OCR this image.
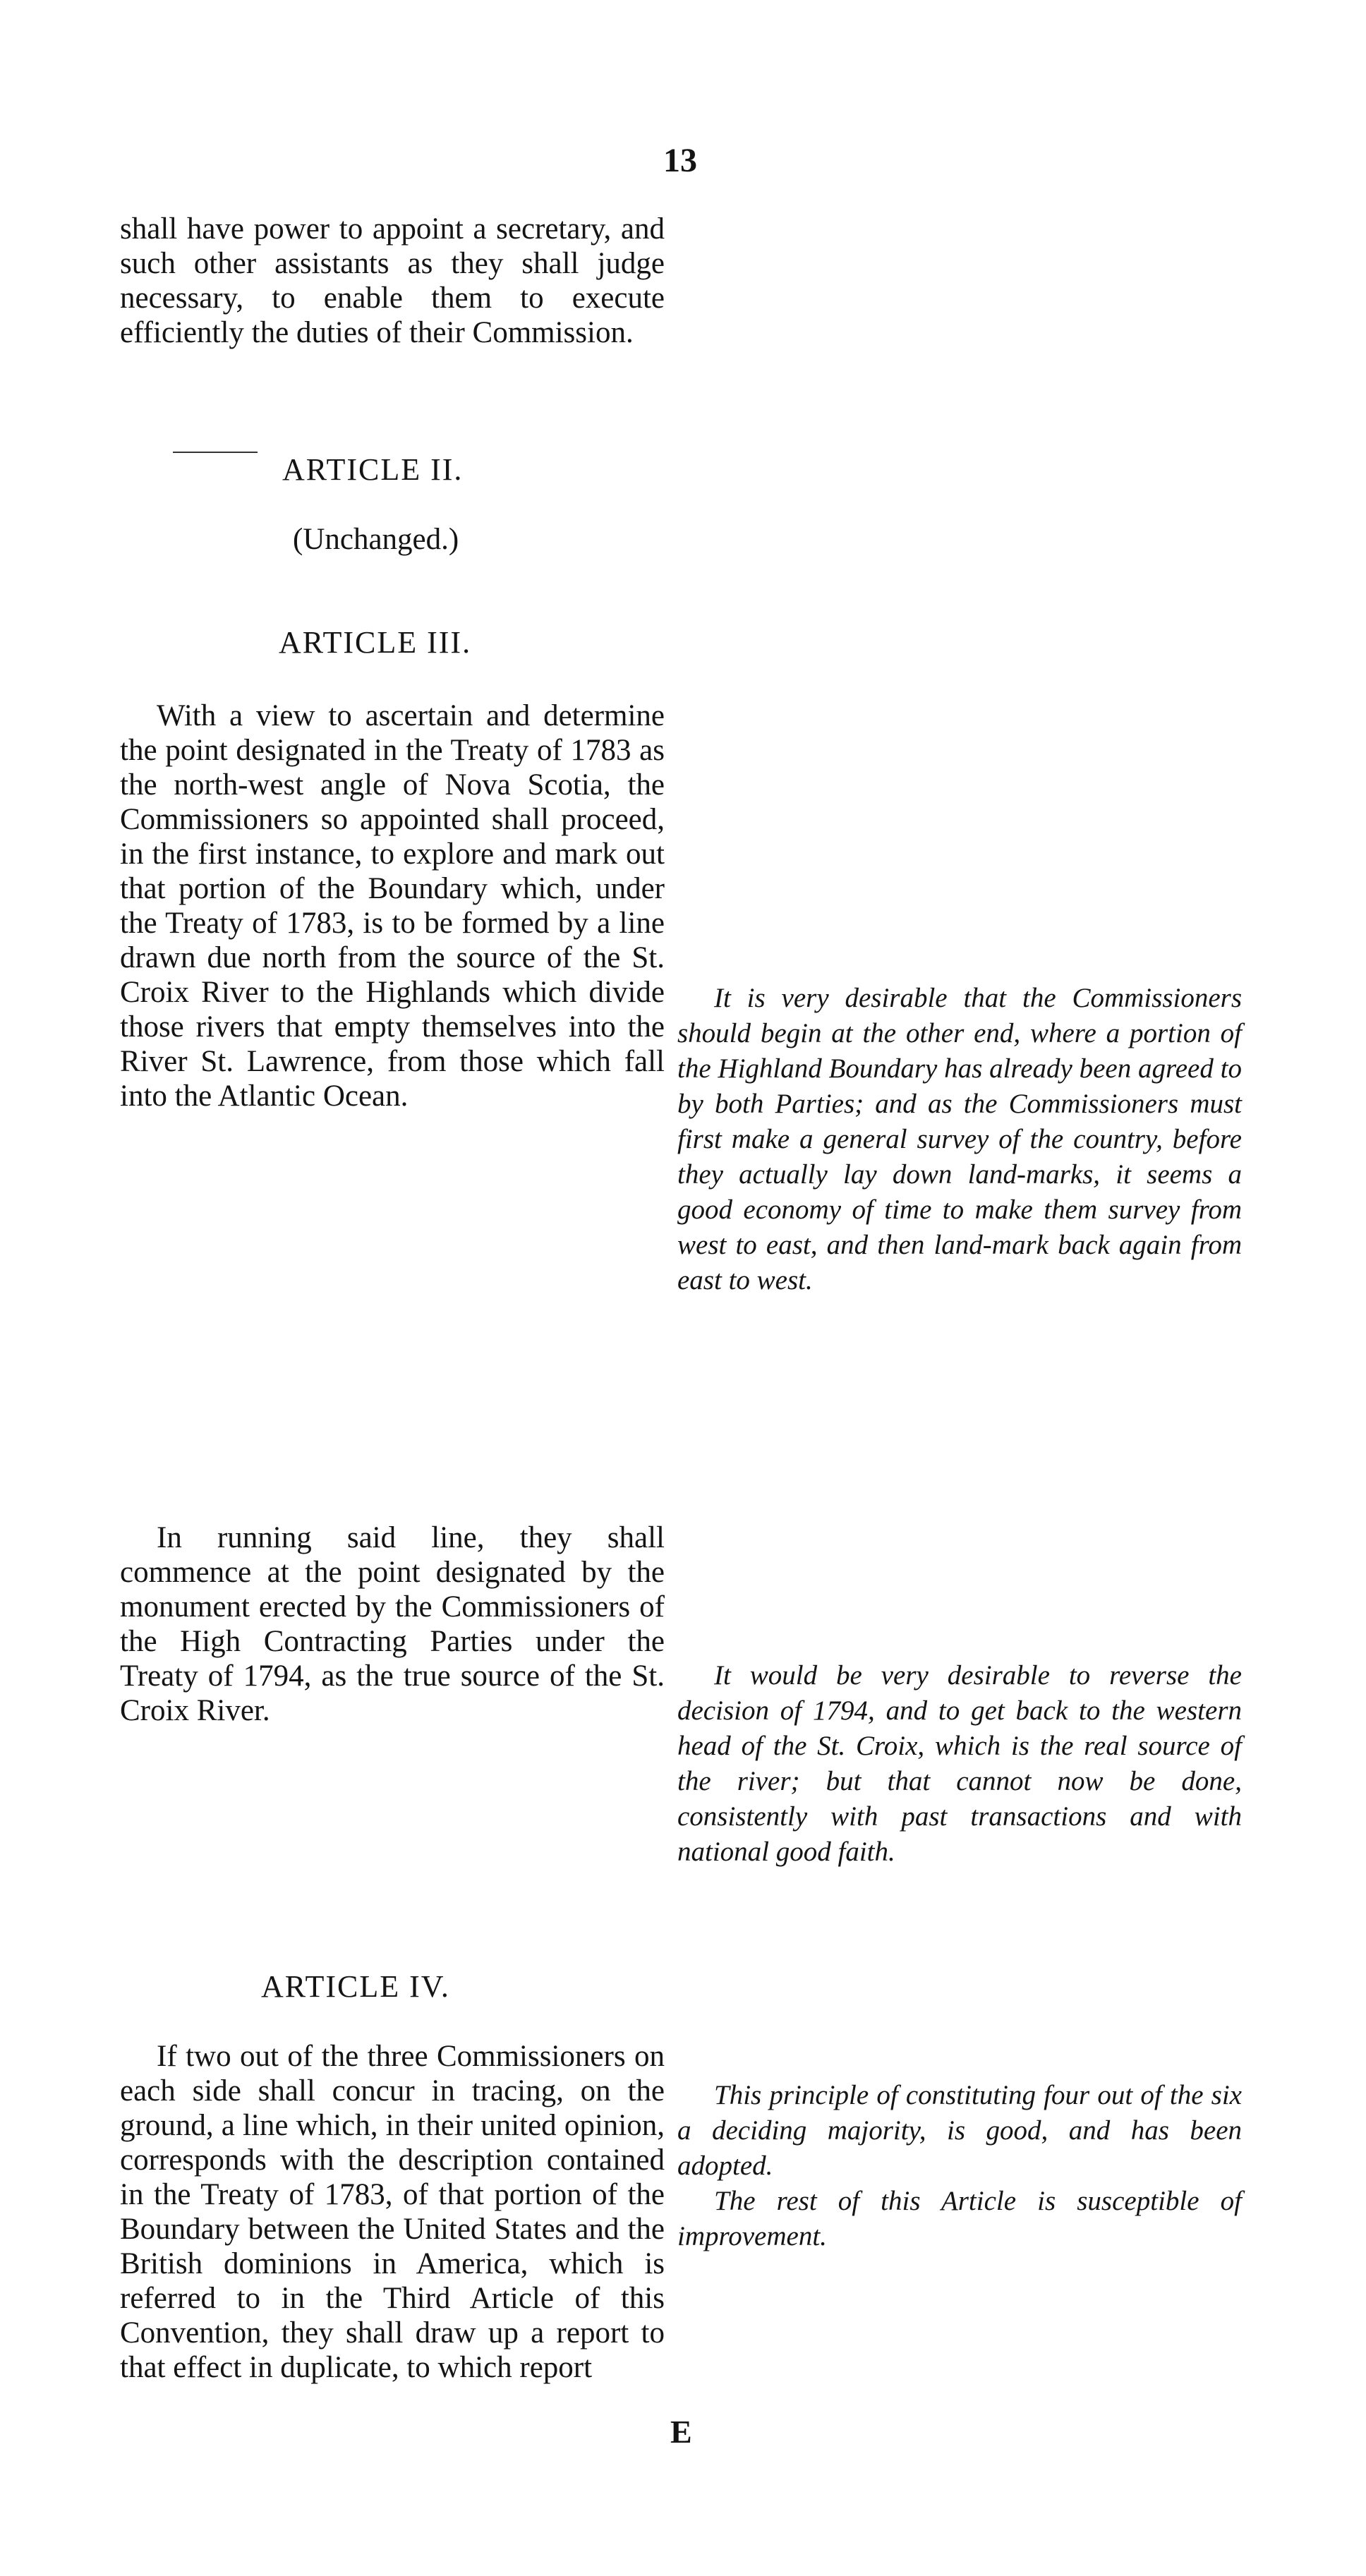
13

shall have power to appoint a secretary, and such other assistants as they shall judge necessary, to enable them to execute efficiently the duties of their Commission.

ARTICLE II.
(Unchanged.)
ARTICLE III.

With a view to ascertain and determine the point designated in the Treaty of 1783 as the north-west angle of Nova Scotia, the Commissioners so appointed shall proceed, in the first instance, to explore and mark out that portion of the Boundary which, under the Treaty of 1783, is to be formed by a line drawn due north from the source of the St. Croix River to the Highlands which divide those rivers that empty themselves into the River St. Lawrence, from those which fall into the Atlantic Ocean.

It is very desirable that the Commissioners should begin at the other end, where a portion of the Highland Boundary has already been agreed to by both Parties; and as the Commissioners must first make a general survey of the country, before they actually lay down land-marks, it seems a good economy of time to make them survey from west to east, and then land-mark back again from east to west.

In running said line, they shall commence at the point designated by the monument erected by the Commissioners of the High Contracting Parties under the Treaty of 1794, as the true source of the St. Croix River.

It would be very desirable to reverse the decision of 1794, and to get back to the western head of the St. Croix, which is the real source of the river; but that cannot now be done, consistently with past transactions and with national good faith.

ARTICLE IV.

If two out of the three Commissioners on each side shall concur in tracing, on the ground, a line which, in their united opinion, corresponds with the description contained in the Treaty of 1783, of that portion of the Boundary between the United States and the British dominions in America, which is referred to in the Third Article of this Convention, they shall draw up a report to that effect in duplicate, to which report

This principle of constituting four out of the six a deciding majority, is good, and has been adopted.

The rest of this Article is susceptible of improvement.

E
